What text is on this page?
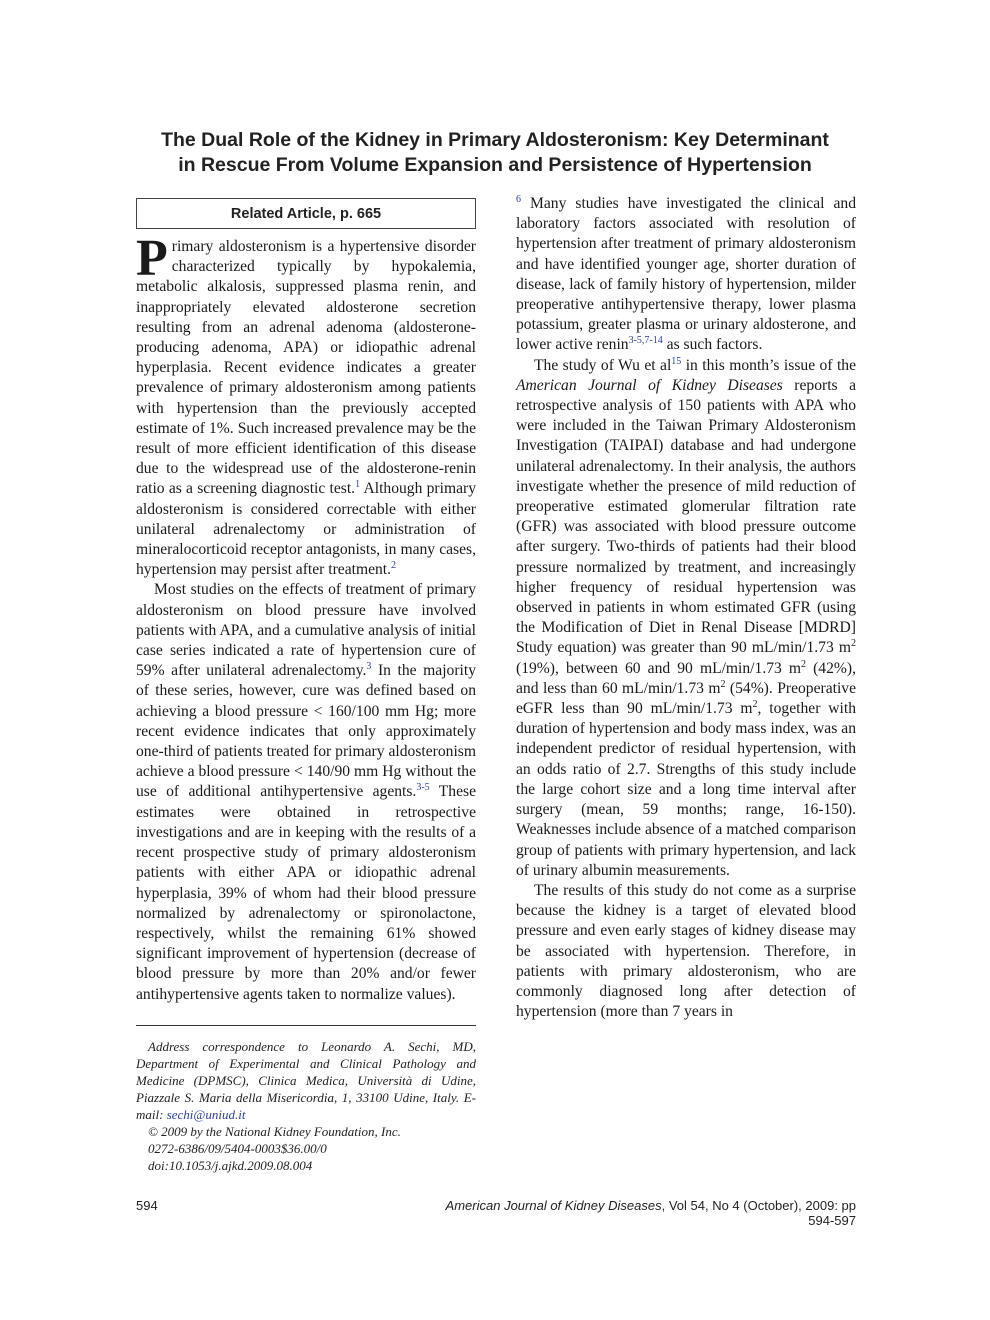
The Dual Role of the Kidney in Primary Aldosteronism: Key Determinant
in Rescue From Volume Expansion and Persistence of Hypertension
Related Article, p. 665

Primary aldosteronism is a hypertensive disorder characterized typically by hypokalemia, metabolic alkalosis, suppressed plasma renin, and inappropriately elevated aldosterone secretion resulting from an adrenal adenoma (aldosterone-producing adenoma, APA) or idiopathic adrenal hyperplasia. Recent evidence indicates a greater prevalence of primary aldosteronism among patients with hypertension than the previously accepted estimate of 1%. Such increased prevalence may be the result of more efficient identification of this disease due to the widespread use of the aldosterone-renin ratio as a screening diagnostic test.$^1$ Although primary aldosteronism is considered correctable with either unilateral adrenalectomy or administration of mineralocorticoid receptor antagonists, in many cases, hypertension may persist after treatment.$^2$

Most studies on the effects of treatment of primary aldosteronism on blood pressure have involved patients with APA, and a cumulative analysis of initial case series indicated a rate of hypertension cure of 59% after unilateral adrenalectomy.$^3$ In the majority of these series, however, cure was defined based on achieving a blood pressure < 160/100 mm Hg; more recent evidence indicates that only approximately one-third of patients treated for primary aldosteronism achieve a blood pressure < 140/90 mm Hg without the use of additional antihypertensive agents.$^{3-5}$ These estimates were obtained in retrospective investigations and are in keeping with the results of a recent prospective study of primary aldosteronism patients with either APA or idiopathic adrenal hyperplasia, 39% of whom had their blood pressure normalized by adrenalectomy or spironolactone, respectively, whilst the remaining 61% showed significant improvement of hypertension (decrease of blood pressure by more than 20% and/or fewer antihypertensive agents taken to normalize values).

$^6$ Many studies have investigated the clinical and laboratory factors associated with resolution of hypertension after treatment of primary aldosteronism and have identified younger age, shorter duration of disease, lack of family history of hypertension, milder preoperative antihypertensive therapy, lower plasma potassium, greater plasma or urinary aldosterone, and lower active renin$^{3-5,7-14}$ as such factors.

The study of Wu et al$^{15}$ in this month’s issue of the American Journal of Kidney Diseases reports a retrospective analysis of 150 patients with APA who were included in the Taiwan Primary Aldosteronism Investigation (TAIPAI) database and had undergone unilateral adrenalectomy. In their analysis, the authors investigate whether the presence of mild reduction of preoperative estimated glomerular filtration rate (GFR) was associated with blood pressure outcome after surgery. Two-thirds of patients had their blood pressure normalized by treatment, and increasingly higher frequency of residual hypertension was observed in patients in whom estimated GFR (using the Modification of Diet in Renal Disease [MDRD] Study equation) was greater than 90 mL/min/1.73 $m^2$ (19%), between 60 and 90 mL/min/1.73 $m^2$ (42%), and less than 60 mL/min/1.73 $m^2$ (54%). Preoperative eGFR less than 90 mL/min/1.73 $m^2$, together with duration of hypertension and body mass index, was an independent predictor of residual hypertension, with an odds ratio of 2.7. Strengths of this study include the large cohort size and a long time interval after surgery (mean, 59 months; range, 16-150). Weaknesses include absence of a matched comparison group of patients with primary hypertension, and lack of urinary albumin measurements.

The results of this study do not come as a surprise because the kidney is a target of elevated blood pressure and even early stages of kidney disease may be associated with hypertension. Therefore, in patients with primary aldosteronism, who are commonly diagnosed long after detection of hypertension (more than 7 years in

Address correspondence to Leonardo A. Sechi, MD, Department of Experimental and Clinical Pathology and Medicine (DPMSC), Clinica Medica, Università di Udine, Piazzale S. Maria della Misericordia, 1, 33100 Udine, Italy. E-mail: sechi@uniud.it

© 2009 by the National Kidney Foundation, Inc.

0272-6386/09/5404-0003$36.00/0

doi:10.1053/j.ajkd.2009.08.004

594	American Journal of Kidney Diseases, Vol 54, No 4 (October), 2009: pp 594-597
